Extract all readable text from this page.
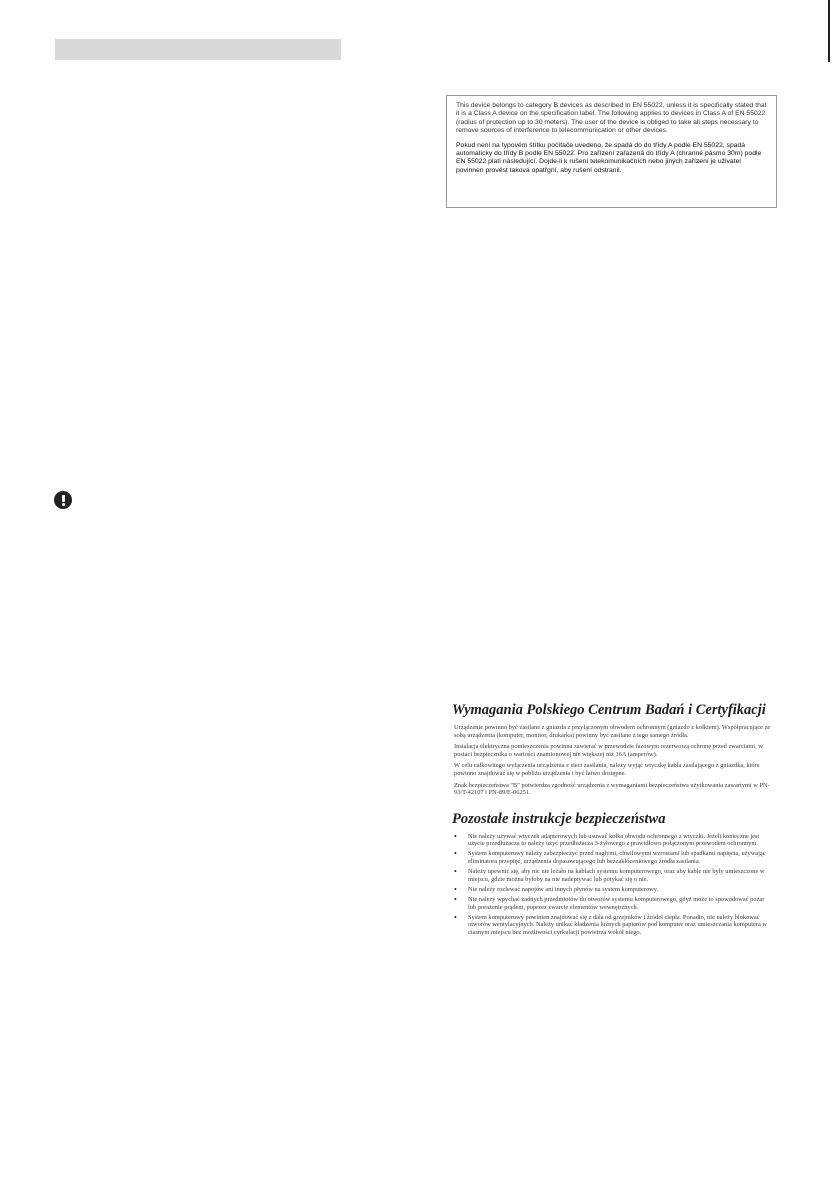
This device belongs to category B devices as described in EN 55022, unless it is specifically stated that it is a Class A device on the specification label. The following applies to devices in Class A of EN 55022 (radius of protection up to 30 meters). The user of the device is obliged to take all steps necessary to remove sources of interference to telecommunication or other devices.

Pokud není na typovém štítku počítače uvedeno, že spadá do do třídy A podle EN 55022, spadá automaticky do třídy B podle EN 55022. Pro zařízení zařazená do třídy A (chranné pásmo 30m) podle EN 55022 platí následující. Dojde-li k rušení telekomunikačních nebo jiných zařízení je uživatel povinnen provést taková opatřgní, aby rušení odstranil.

Wymagania Polskiego Centrum Badań i Certyfikacji

Urządzenie powinno być zasilane z gniazda z przyłączonym obwodem ochronnym (gniazdo z kołkiem). Współpracujące ze sobą urządzenia (komputer, monitor, drukarka) powinny być zasilane z tego samego źródła.

Instalacja elektryczna pomieszczenia powinna zawierać w przewodzie fazowym rezerwową ochronę przed zwarciami, w postaci bezpiecznika o wartości znamionowej nie większej niż 16A (amperów).

W celu całkowitego wyłączenia urządzenia z sieci zasilania, należy wyjąć wtyczkę kabla zasilającego z gniazdka, które powinno znajdować się w pobliżu urządzenia i być łatwo dostępne.

Znak bezpieczeństwa "B" potwierdza zgodność urządzenia z wymaganiami bezpieczeństwa użytkowania zawartymi w PN-93/T-42107 i PN-89/E-06251.

Pozostałe instrukcje bezpieczeństwa
• Nie należy używać wtyczek adapterowych lub usuwać kołka obwodu ochronnego z wtyczki. Jeżeli konieczne jest użycie przedłużacza to należy użyć przedłużacza 3-żyłowego z prawidłowo połączonym przewodem ochronnym.
• System komputerowy należy zabezpieczyć przed nagłymi, chwilowymi wzrostami lub spadkami napięcia, używając eliminatora przepięć, urządzenia dopasowującego lub bezzakłóceniowego źródła zasilania.
• Należy upewnić się, aby nic nie leżało na kablach systemu komputerowego, oraz aby kable nie były umieszczone w miejscu, gdzie można byłoby na nie nadeptywać lub potykać się o nie.
• Nie należy rozlewać napojów ani innych płynów na system komputerowy.
• Nie należy wpychać żadnych przedmiotów do otworów systemu komputerowego, gdyż może to spowodować pożar lub porażenie prądem, poprzez zwarcie elementów wewnętrznych.
• System komputerowy powinien znajdować się z dala od grzejników i źródeł ciepła. Ponadto, nie należy blokować otworów wentylacyjnych. Należy unikać kładzenia luźnych papierów pod komputer oraz umieszczania komputera w ciasnym miejscu bez możliwości cyrkulacji powietrza wokół niego.
